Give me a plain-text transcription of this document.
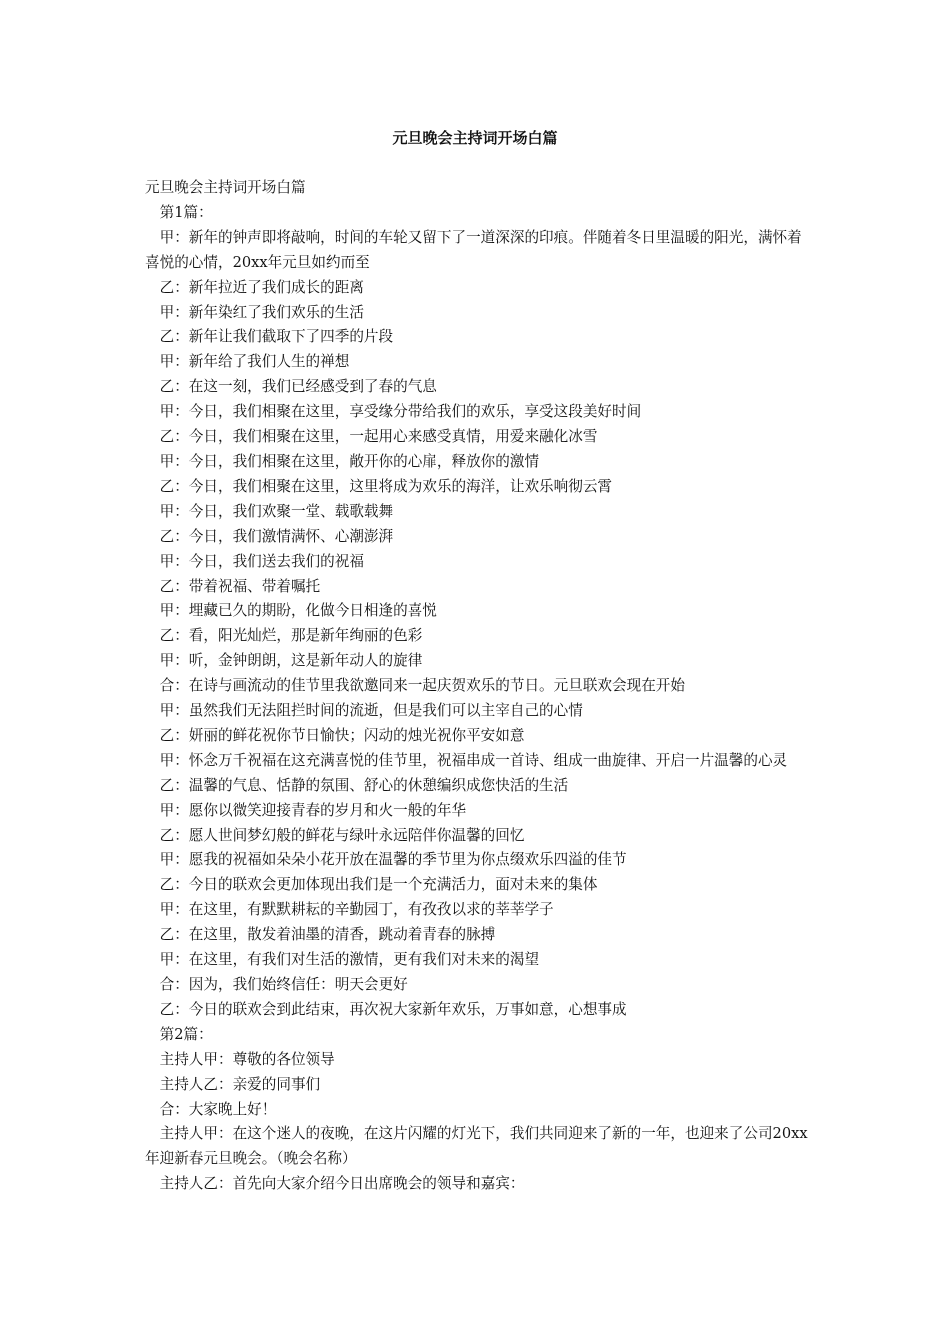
元旦晚会主持词开场白篇

元旦晚会主持词开场白篇

第1篇：

甲：新年的钟声即将敲响，时间的车轮又留下了一道深深的印痕。伴随着冬日里温暖的阳光，满怀着喜悦的心情，20xx年元旦如约而至

乙：新年拉近了我们成长的距离

甲：新年染红了我们欢乐的生活

乙：新年让我们截取下了四季的片段

甲：新年给了我们人生的禅想

乙：在这一刻，我们已经感受到了春的气息

甲：今日，我们相聚在这里，享受缘分带给我们的欢乐，享受这段美好时间

乙：今日，我们相聚在这里，一起用心来感受真情，用爱来融化冰雪

甲：今日，我们相聚在这里，敞开你的心扉，释放你的激情

乙：今日，我们相聚在这里，这里将成为欢乐的海洋，让欢乐响彻云霄

甲：今日，我们欢聚一堂、载歌载舞

乙：今日，我们激情满怀、心潮澎湃

甲：今日，我们送去我们的祝福

乙：带着祝福、带着嘱托

甲：埋藏已久的期盼，化做今日相逢的喜悦

乙：看，阳光灿烂，那是新年绚丽的色彩

甲：听，金钟朗朗，这是新年动人的旋律

合：在诗与画流动的佳节里我欲邀同来一起庆贺欢乐的节日。元旦联欢会现在开始

甲：虽然我们无法阻拦时间的流逝，但是我们可以主宰自己的心情

乙：妍丽的鲜花祝你节日愉快；闪动的烛光祝你平安如意

甲：怀念万千祝福在这充满喜悦的佳节里，祝福串成一首诗、组成一曲旋律、开启一片温馨的心灵

乙：温馨的气息、恬静的氛围、舒心的休憩编织成您快活的生活

甲：愿你以微笑迎接青春的岁月和火一般的年华

乙：愿人世间梦幻般的鲜花与绿叶永远陪伴你温馨的回忆

甲：愿我的祝福如朵朵小花开放在温馨的季节里为你点缀欢乐四溢的佳节

乙：今日的联欢会更加体现出我们是一个充满活力，面对未来的集体

甲：在这里，有默默耕耘的辛勤园丁，有孜孜以求的莘莘学子

乙：在这里，散发着油墨的清香，跳动着青春的脉搏

甲：在这里，有我们对生活的激情，更有我们对未来的渴望

合：因为，我们始终信任：明天会更好

乙：今日的联欢会到此结束，再次祝大家新年欢乐，万事如意，心想事成

第2篇：

主持人甲：尊敬的各位领导

主持人乙：亲爱的同事们

合：大家晚上好！

主持人甲：在这个迷人的夜晚，在这片闪耀的灯光下，我们共同迎来了新的一年，也迎来了公司20xx年迎新春元旦晚会。（晚会名称）

主持人乙：首先向大家介绍今日出席晚会的领导和嘉宾：
